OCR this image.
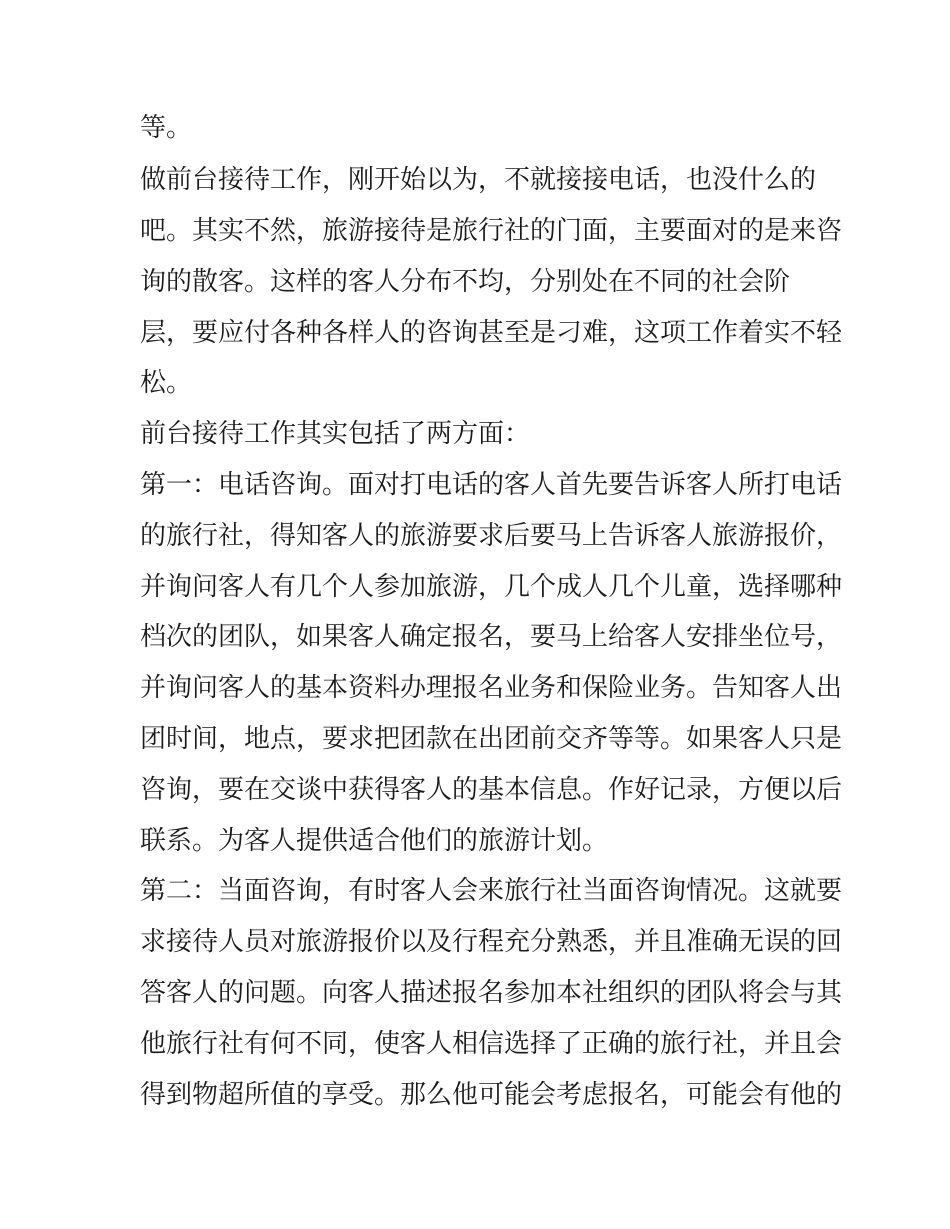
等。
做前台接待工作，刚开始以为，不就接接电话，也没什么的
吧。其实不然，旅游接待是旅行社的门面，主要面对的是来咨
询的散客。这样的客人分布不均，分别处在不同的社会阶
层，要应付各种各样人的咨询甚至是刁难，这项工作着实不轻
松。
前台接待工作其实包括了两方面：
第一：电话咨询。面对打电话的客人首先要告诉客人所打电话
的旅行社，得知客人的旅游要求后要马上告诉客人旅游报价，
并询问客人有几个人参加旅游，几个成人几个儿童，选择哪种
档次的团队，如果客人确定报名，要马上给客人安排坐位号，
并询问客人的基本资料办理报名业务和保险业务。告知客人出
团时间，地点，要求把团款在出团前交齐等等。如果客人只是
咨询，要在交谈中获得客人的基本信息。作好记录，方便以后
联系。为客人提供适合他们的旅游计划。
第二：当面咨询，有时客人会来旅行社当面咨询情况。这就要
求接待人员对旅游报价以及行程充分熟悉，并且准确无误的回
答客人的问题。向客人描述报名参加本社组织的团队将会与其
他旅行社有何不同，使客人相信选择了正确的旅行社，并且会
得到物超所值的享受。那么他可能会考虑报名，可能会有他的
